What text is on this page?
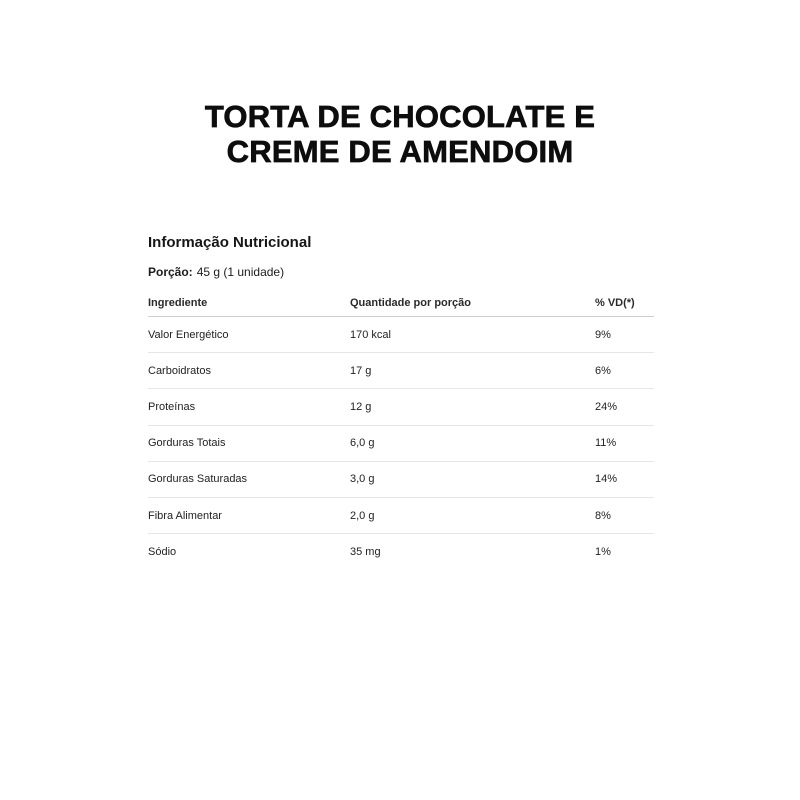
TORTA DE CHOCOLATE E
CREME DE AMENDOIM
Informação Nutricional
Porção: 45 g (1 unidade)
Ingrediente	Quantidade por porção	% VD(*)
Valor Energético	170 kcal	9%
Carboidratos	17 g	6%
Proteínas	12 g	24%
Gorduras Totais	6,0 g	11%
Gorduras Saturadas	3,0 g	14%
Fibra Alimentar	2,0 g	8%
Sódio	35 mg	1%
